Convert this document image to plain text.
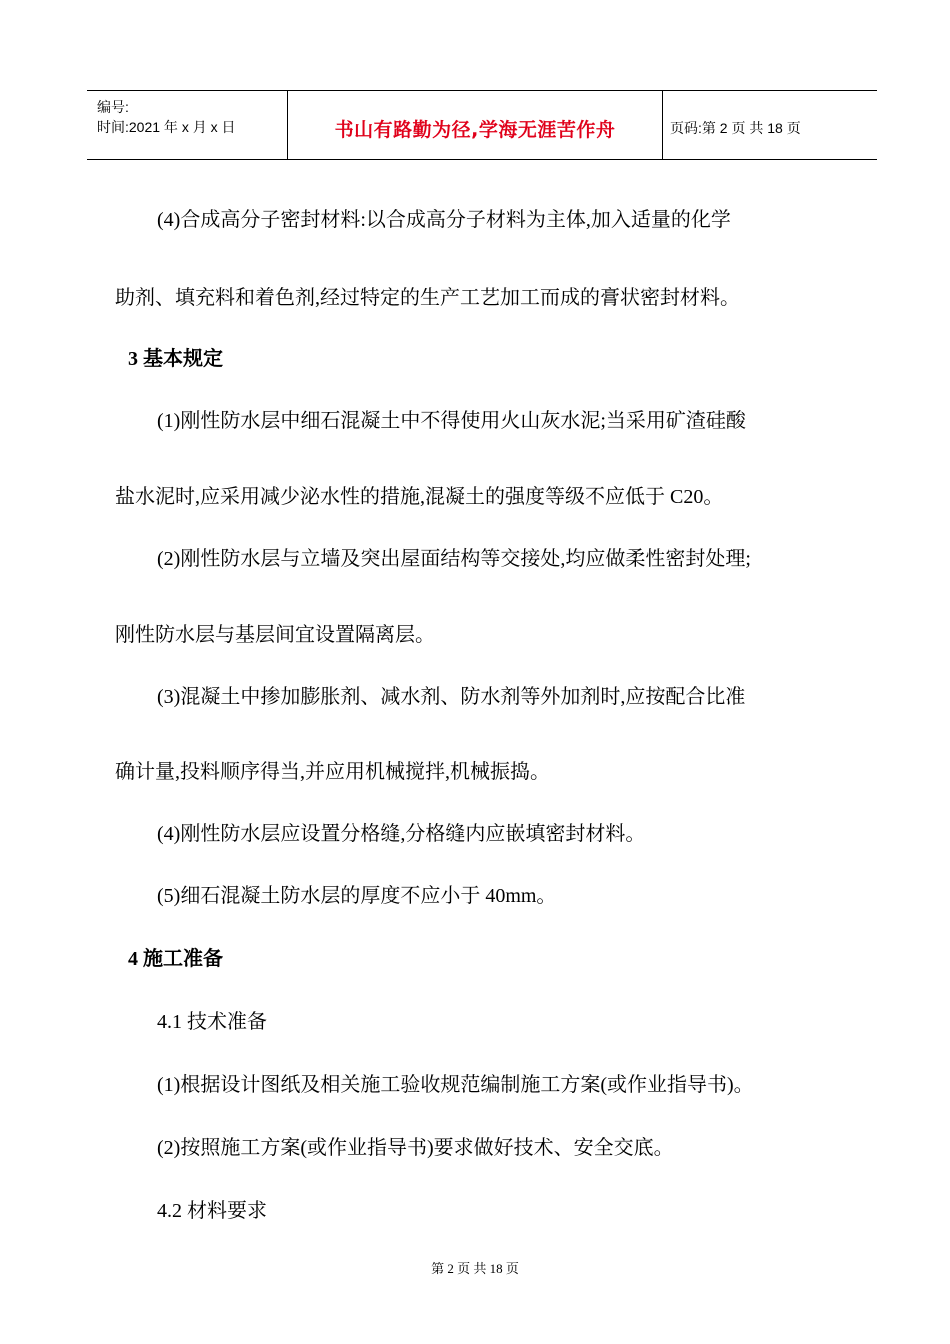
编号:
时间:2021 年 x 月 x 日	书山有路勤为径,学海无涯苦作舟	页码:第 2 页 共 18 页
(4)合成高分子密封材料:以合成高分子材料为主体,加入适量的化学
助剂、填充料和着色剂,经过特定的生产工艺加工而成的膏状密封材料。
3 基本规定
(1)刚性防水层中细石混凝土中不得使用火山灰水泥;当采用矿渣硅酸
盐水泥时,应采用减少泌水性的措施,混凝土的强度等级不应低于 C20。
(2)刚性防水层与立墙及突出屋面结构等交接处,均应做柔性密封处理;
刚性防水层与基层间宜设置隔离层。
(3)混凝土中掺加膨胀剂、减水剂、防水剂等外加剂时,应按配合比准
确计量,投料顺序得当,并应用机械搅拌,机械振捣。
(4)刚性防水层应设置分格缝,分格缝内应嵌填密封材料。
(5)细石混凝土防水层的厚度不应小于 40mm。
4 施工准备
4.1 技术准备
(1)根据设计图纸及相关施工验收规范编制施工方案(或作业指导书)。
(2)按照施工方案(或作业指导书)要求做好技术、安全交底。
4.2 材料要求
第 2 页 共 18 页
